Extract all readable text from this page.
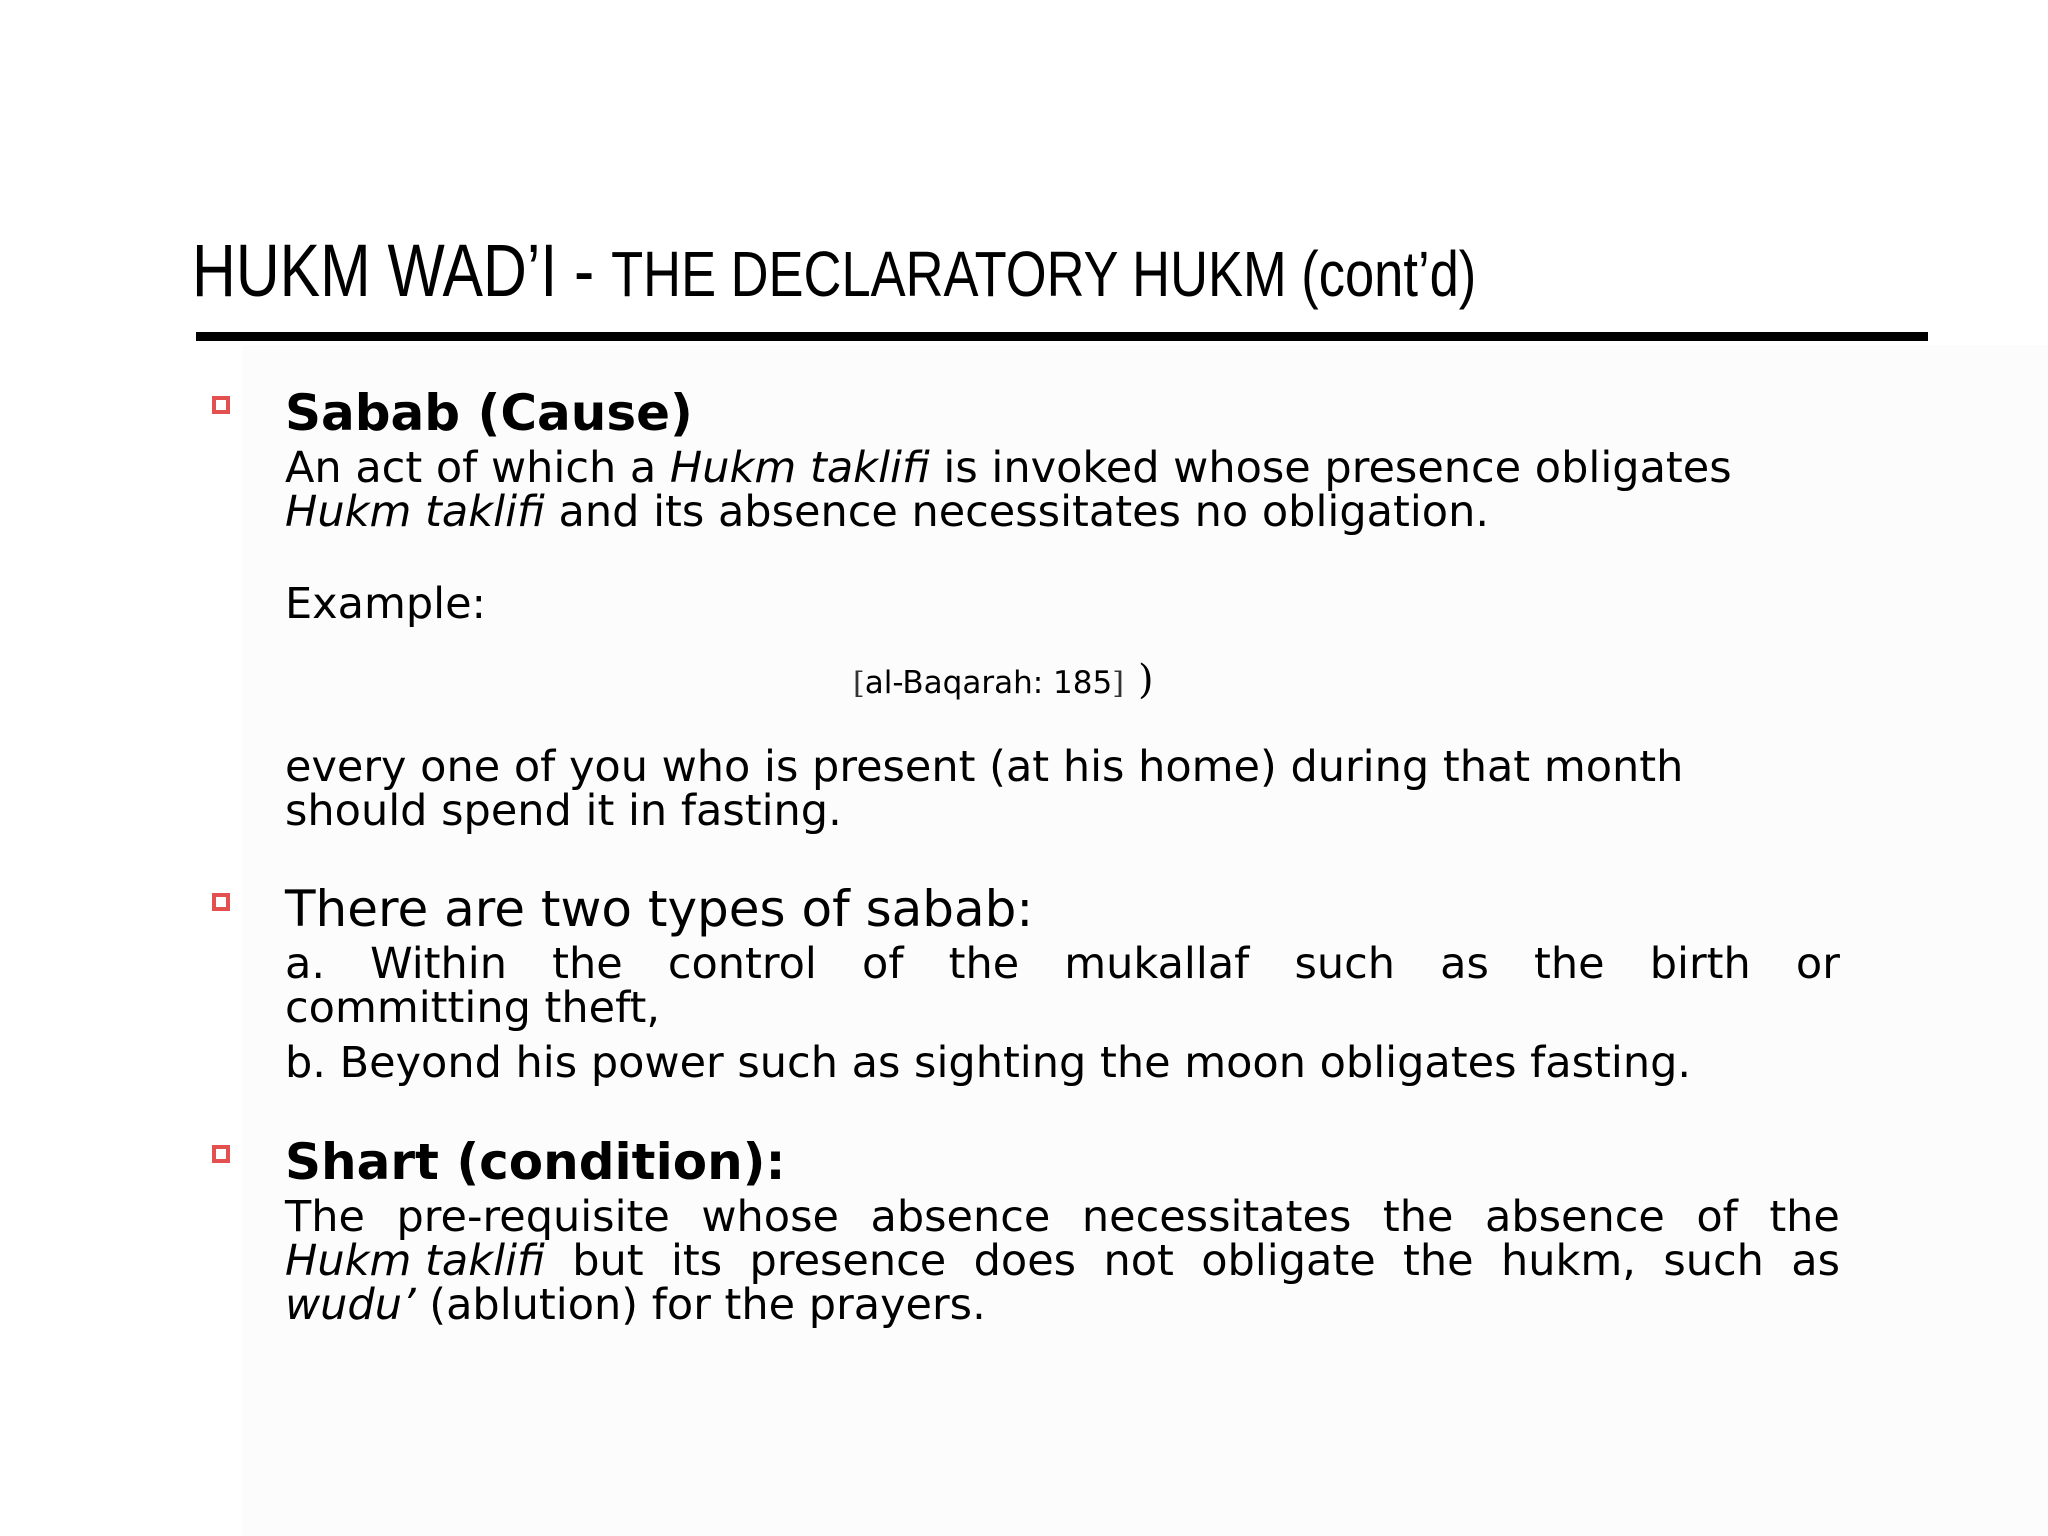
HUKM WAD’I - THE DECLARATORY HUKM (cont’d)
Sabab (Cause)
An act of which a Hukm taklifi is invoked whose presence obligates
Hukm taklifi and its absence necessitates no obligation.
Example:
[al-Baqarah: 185] )
every one of you who is present (at his home) during that month
should spend it in fasting.
There are two types of sabab:
a. Within the control of the mukallaf such as the birth or
committing theft,
b. Beyond his power such as sighting the moon obligates fasting.
Shart (condition):
The pre-requisite whose absence necessitates the absence of the
Hukm taklifi but its presence does not obligate the hukm, such as
wudu’ (ablution) for the prayers.
